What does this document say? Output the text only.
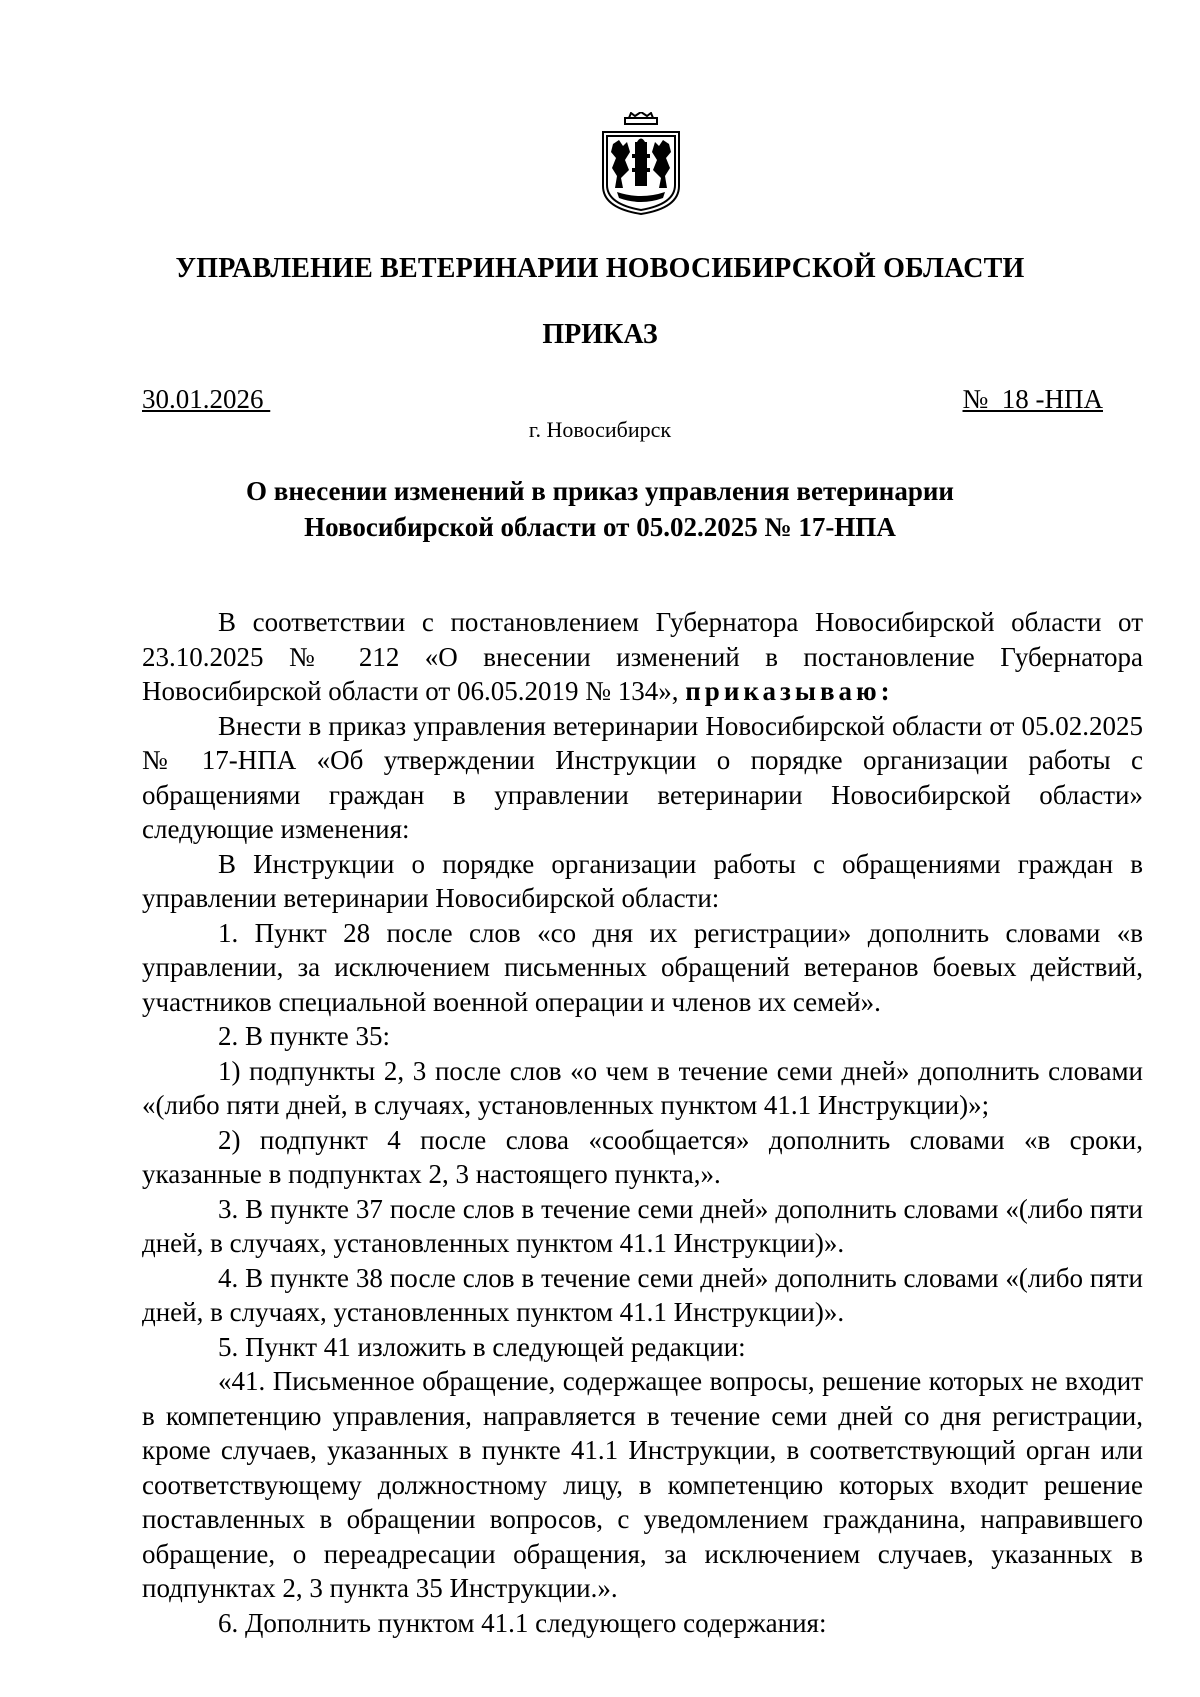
УПРАВЛЕНИЕ ВЕТЕРИНАРИИ НОВОСИБИРСКОЙ ОБЛАСТИ
ПРИКАЗ
30.01.2026	№  18 -НПА
г. Новосибирск
О внесении изменений в приказ управления ветеринарии
Новосибирской области от 05.02.2025 № 17-НПА

В соответствии с постановлением Губернатора Новосибирской области от 23.10.2025 № 212 «О внесении изменений в постановление Губернатора Новосибирской области от 06.05.2019 № 134», приказываю:

Внести в приказ управления ветеринарии Новосибирской области от 05.02.2025 № 17-НПА «Об утверждении Инструкции о порядке организации работы с обращениями граждан в управлении ветеринарии Новосибирской области» следующие изменения:

В Инструкции о порядке организации работы с обращениями граждан в управлении ветеринарии Новосибирской области:

1. Пункт 28 после слов «со дня их регистрации» дополнить словами «в управлении, за исключением письменных обращений ветеранов боевых действий, участников специальной военной операции и членов их семей».

2. В пункте 35:

1) подпункты 2, 3 после слов «о чем в течение семи дней» дополнить словами «(либо пяти дней, в случаях, установленных пунктом 41.1 Инструкции)»;

2) подпункт 4 после слова «сообщается» дополнить словами «в сроки, указанные в подпунктах 2, 3 настоящего пункта,».

3. В пункте 37 после слов в течение семи дней» дополнить словами «(либо пяти дней, в случаях, установленных пунктом 41.1 Инструкции)».

4. В пункте 38 после слов в течение семи дней» дополнить словами «(либо пяти дней, в случаях, установленных пунктом 41.1 Инструкции)».

5. Пункт 41 изложить в следующей редакции:

«41. Письменное обращение, содержащее вопросы, решение которых не входит в компетенцию управления, направляется в течение семи дней со дня регистрации, кроме случаев, указанных в пункте 41.1 Инструкции, в соответствующий орган или соответствующему должностному лицу, в компетенцию которых входит решение поставленных в обращении вопросов, с уведомлением гражданина, направившего обращение, о переадресации обращения, за исключением случаев, указанных в подпунктах 2, 3 пункта 35 Инструкции.».

6. Дополнить пунктом 41.1 следующего содержания:
